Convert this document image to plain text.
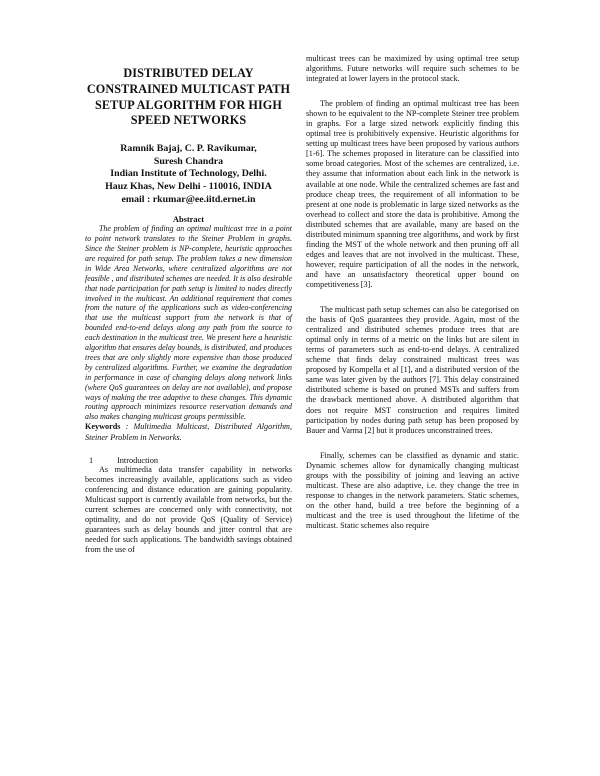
DISTRIBUTED DELAY CONSTRAINED MULTICAST PATH SETUP ALGORITHM FOR HIGH SPEED NETWORKS
Ramnik Bajaj, C. P. Ravikumar,
Suresh Chandra
Indian Institute of Technology, Delhi.
Hauz Khas, New Delhi - 110016, INDIA
email : rkumar@ee.iitd.ernet.in
Abstract

The problem of finding an optimal multicast tree in a point to point network translates to the Steiner Problem in graphs. Since the Steiner problem is NP-complete, heuristic approaches are required for path setup. The problem takes a new dimension in Wide Area Networks, where centralized algorithms are not feasible , and distributed schemes are needed. It is also desirable that node participation for path setup is limited to nodes directly involved in the multicast. An additional requirement that comes from the nature of the applications such as video-conferencing that use the multicast support from the network is that of bounded end-to-end delays along any path from the source to each destination in the multicast tree. We present here a heuristic algorithm that ensures delay bounds, is distributed, and produces trees that are only slightly more expensive than those produced by centralized algorithms. Further, we examine the degradation in performance in case of changing delays along network links (where QoS guarantees on delay are not available), and propose ways of making the tree adaptive to these changes. This dynamic routing approach minimizes resource reservation demands and also makes changing multicast groups permissible.

Keywords : Multimedia Multicast, Distributed Algorithm, Steiner Problem in Networks.

1	Introduction

As multimedia data transfer capability in networks becomes increasingly available, applications such as video conferencing and distance education are gaining popularity. Multicast support is currently available from networks, but the current schemes are concerned only with connectivity, not optimality, and do not provide QoS (Quality of Service) guarantees such as delay bounds and jitter control that are needed for such applications. The bandwidth savings obtained from the use of

multicast trees can be maximized by using optimal tree setup algorithms. Future networks will require such schemes to be integrated at lower layers in the protocol stack.

The problem of finding an optimal multicast tree has been shown to be equivalent to the NP-complete Steiner tree problem in graphs. For a large sized network explicitly finding this optimal tree is prohibitively expensive. Heuristic algorithms for setting up multicast trees have been proposed by various authors [1-6]. The schemes proposed in literature can be classified into some broad categories. Most of the schemes are centralized, i.e. they assume that information about each link in the network is available at one node. While the centralized schemes are fast and produce cheap trees, the requirement of all information to be present at one node is problematic in large sized networks as the overhead to collect and store the data is prohibitive. Among the distributed schemes that are available, many are based on the distributed minimum spanning tree algorithms, and work by first finding the MST of the whole network and then pruning off all edges and leaves that are not involved in the multicast. These, however, require participation of all the nodes in the network, and have an unsatisfactory theoretical upper bound on competitiveness [3].

The multicast path setup schemes can also be categorised on the basis of QoS guarantees they provide. Again, most of the centralized and distributed schemes produce trees that are optimal only in terms of a metric on the links but are silent in terms of parameters such as end-to-end delays. A centralized scheme that finds delay constrained multicast trees was proposed by Kompella et al [1], and a distributed version of the same was later given by the authors [7]. This delay constrained distributed scheme is based on pruned MSTs and suffers from the drawback mentioned above. A distributed algorithm that does not require MST construction and requires limited participation by nodes during path setup has been proposed by Bauer and Varma [2] but it produces unconstrained trees.

Finally, schemes can be classified as dynamic and static. Dynamic schemes allow for dynamically changing multicast groups with the possibility of joining and leaving an active multicast. These are also adaptive, i.e. they change the tree in response to changes in the network parameters. Static schemes, on the other hand, build a tree before the beginning of a multicast and the tree is used throughout the lifetime of the multicast. Static schemes also require
